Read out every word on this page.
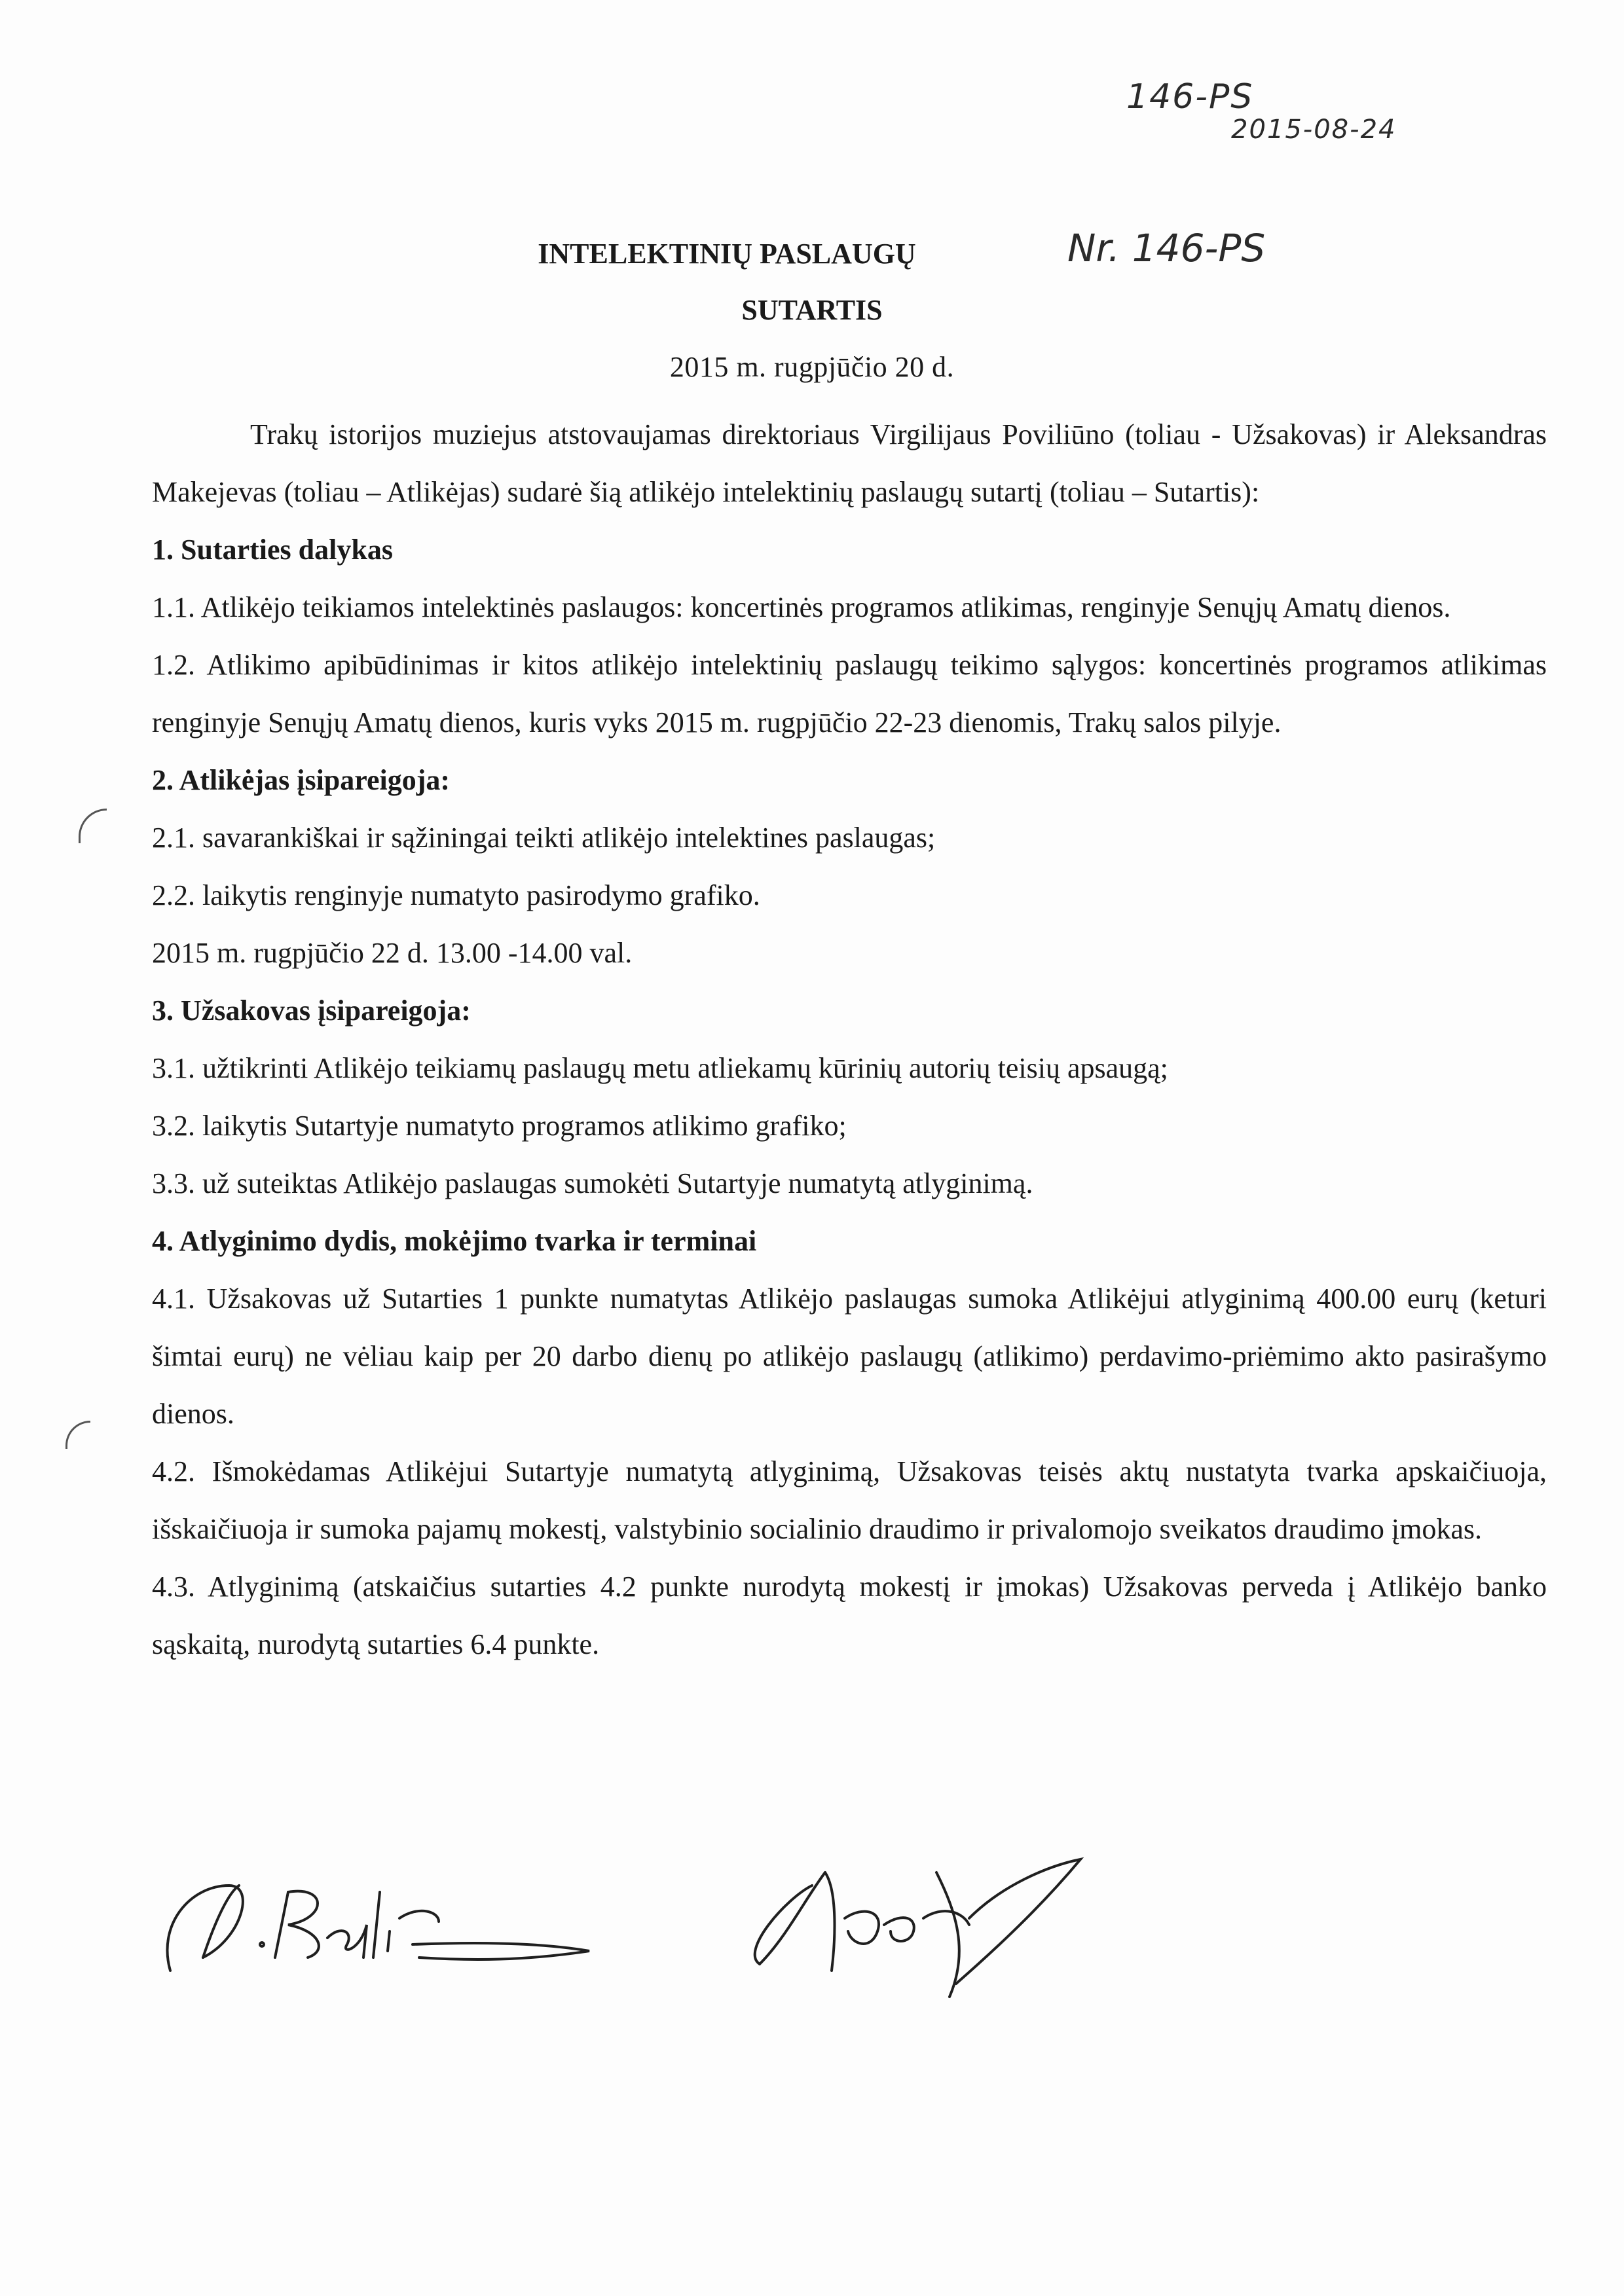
146-PS
2015-08-24
INTELEKTINIŲ PASLAUGŲ	Nr. 146-PS
SUTARTIS
2015 m. rugpjūčio 20 d.

Trakų istorijos muziejus atstovaujamas direktoriaus Virgilijaus Poviliūno (toliau - Užsakovas) ir Aleksandras Makejevas (toliau – Atlikėjas) sudarė šią atlikėjo intelektinių paslaugų sutartį (toliau – Sutartis):

1. Sutarties dalykas

1.1. Atlikėjo teikiamos intelektinės paslaugos: koncertinės programos atlikimas, renginyje Senųjų Amatų dienos.

1.2. Atlikimo apibūdinimas ir kitos atlikėjo intelektinių paslaugų teikimo sąlygos: koncertinės programos atlikimas renginyje Senųjų Amatų dienos, kuris vyks 2015 m. rugpjūčio 22-23 dienomis, Trakų salos pilyje.

2. Atlikėjas įsipareigoja:

2.1. savarankiškai ir sąžiningai teikti atlikėjo intelektines paslaugas;

2.2. laikytis renginyje numatyto pasirodymo grafiko.

2015 m. rugpjūčio 22 d. 13.00 -14.00 val.

3. Užsakovas įsipareigoja:

3.1. užtikrinti Atlikėjo teikiamų paslaugų metu atliekamų kūrinių autorių teisių apsaugą;

3.2. laikytis Sutartyje numatyto programos atlikimo grafiko;

3.3. už suteiktas Atlikėjo paslaugas sumokėti Sutartyje numatytą atlyginimą.

4. Atlyginimo dydis, mokėjimo tvarka ir terminai

4.1. Užsakovas už Sutarties 1 punkte numatytas Atlikėjo paslaugas sumoka Atlikėjui atlyginimą 400.00 eurų (keturi šimtai eurų) ne vėliau kaip per 20 darbo dienų po atlikėjo paslaugų (atlikimo) perdavimo-priėmimo akto pasirašymo dienos.

4.2. Išmokėdamas Atlikėjui Sutartyje numatytą atlyginimą, Užsakovas teisės aktų nustatyta tvarka apskaičiuoja, išskaičiuoja ir sumoka pajamų mokestį, valstybinio socialinio draudimo ir privalomojo sveikatos draudimo įmokas.

4.3. Atlyginimą (atskaičius sutarties 4.2 punkte nurodytą mokestį ir įmokas) Užsakovas perveda į Atlikėjo banko sąskaitą, nurodytą sutarties 6.4 punkte.
